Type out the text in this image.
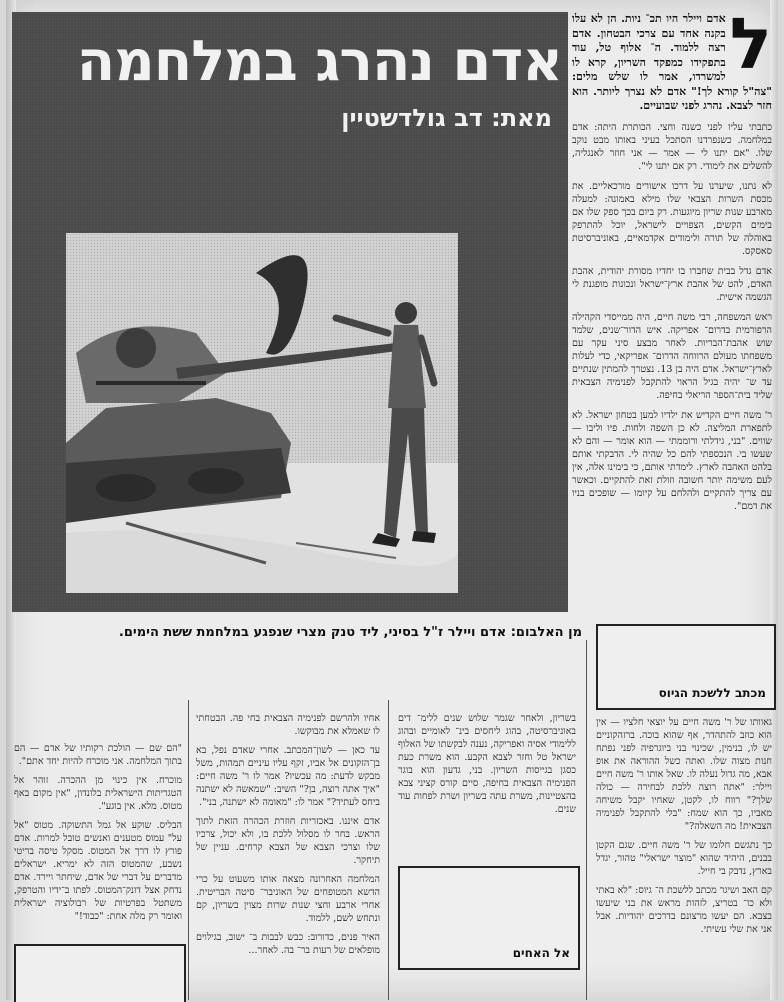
אדם נהרג במלחמה
מאת: דב גולדשטיין
ל

אדם ויילר היו תכ־ ניות. הן לא עלו בקנה אחד עם צרכי הבטחון. אדם רצה ללמוד. ה־ אלוף טל, עוד בתפקידו כמפקד השריון, קרא לו למשרדו, אמר לו שלש מלים: "צה"ל קורא לך!" אדם לא נצרך ליותר. הוא חזר לצבא. נהרג לפני שבועיים.

כתבתי עליו לפני כשנה וחצי. הכותרת היתה: אדם במלחמה. כשנפרדנו הסתכל בעיני באותו מבט נוקב שלו. "אם יתנו לי — אמר — אני חוזר לאנגליה, להשלים את לימודי. רק אם יתנו לי".

לא נתנו, שיערנו על דרכו אישורים מורכאליים. את מכסת השרות הצבאי שלו מילא באמונה: למעלה מארבע שנות שריון מיוגעות. רק ביום בכך ספק שלו אם בימים הקשים, הצפויים לישראל, יוכל להתרפק באוהלה של תורה ולימודים אקדמאיים, באוניברסיטת סאסקס.

אדם גדל בבית שחברו בו יחדיו מסורת יהודית, אהבת האדם, להט של אהבת ארץ־ישראל ונכונות מופגנת לי הגשמה אישית.

ראש המשפחה, רבי משה חיים, היה ממייסדי הקהילה הרפורמית בדרום־ אפריקה. איש הדור־שנים, שלמד שוש אהבת־הבריות. לאחר מבצע סיני עקר עם משפחתו מעולם הרווחה הדרום־ אפריקאי, כדי לעלות לארץ־ישראל. אדם היה בן 13. נצטרך להמתין שנתיים עד ש־ יהיה בגיל הראוי להתקבל לפנימיה הצבאית שליד בית־הספר הריאלי בחיפה.

ר' משה חיים הקדיש את ילדיו למען בטחון ישראל. לא לתפארת המליצה. לא כן השפה ולחות. פיו וליבו — שווים. "בני, גידלתי ורוממתי — הוא אומר — והם לא שעשו בי. הנכספתי להם כל שהיה לי. הדבקתי אותם בלהט האהבה לארץ. לימדתי אותם, כי בימינו אלה, אין לעם משימה יותר חשובה וזולת זאת להתקיים. וכאשר עם צריך להתקיים ולהלחם על קיומו — שופכים בניו את דמם".

מן האלבום: אדם ויילר ז"ל בסיני, ליד טנק מצרי שנפגע במלחמת ששת הימים.
מכתב ללשכת הגיוס
אל האחים

גאוותו של ר' משה חיים על יוצאי חלציו — אין הוא כוזב להתהדר, אף שהוא בוכה. ברזהקוניים יש לו, בנימין, שכינוי בני ביוגרפיה לפני נפתח חנות מצוה שלו. ואתה כשל ההוראה את אופ אבא, מה גדול נעלה לו. שאל אותו ר' משה חיים ויילר: "אתה רוצה ללכת לבחירה — כולה שלך?" רווח לו, לקטן, שאחיו יקבל משיחה מאביו, כך הוא שמח: "בלי להתקבל לפנימיה הצבאית! מה השאלה?"

כך נתגשם חלומו של ר' משה חיים. שגם הקטן בבנים, היהיד שהוא "מוצר ישראלי" טהור, יגדל בארץ, נדבק בי חייל.

קם האב ושיגר מכתב ללשכת ה־ גיוס: "לא באתי ולא כו־ בטריצ, לזהות מראש את בני שיעשו בצבא. הם יעשו מרצונם בדרכים יהודיות. אבל אני את שלי עשיתי.

בשריון, ולאחר שגמר שלוש שנים ללימ־ דים באוניברסיטה, בהוג ליחסים בינ־ לאומיים ובהוג ללימודי אסיה ואפריקה, נענה לבקשתו של האלוף ישראל טל וחזר לצבא הקבע. הוא משרת כעת כסגן בגייסות השריון. בני, גדעון הוא בוגר הפנימיה הצבאית בחיפה, סיים קורס קציני צבא בהצטיינות, משרת עתה בשריון ושרת לפחות עוד שנים.

אחיו ולהרשם לפנימיה הצבאית בחי פה. הבטחתי לו שאמלא את מבוקשו.

עד כאן — לשון־המכתב. אחרי שאדם נפל, בא בן־הזקונים אל אביו, זקף עליו עיניים תמהות, משל מבקש לדעת: מה עכשיו? אמר לו ר' משה חיים: "איך אתה רוצה, בן?" השיב: "שמאשה לא ישתנה ביחס לעתיד?" אמר לו: "מאומה לא ישתנה, בני".

אדם איננו. באכזריות חוזרת הכהרה הזאת לתוך הראש. בחר לו מסלול ללכת בו, ולא יכול, צרכיו שלו וצרכי הצבא של הצבא קרחים. עניין של תיחקר.

המלחמה האחרונה מצאה אותו משעוט על כרי הדשא המטופחים של האוניבר־ סיטה הבריטית. אחרי ארבע וחצי שנות שרות מצוין בשריון, קם ונתחש לשם, ללמוד.

האיר פנים, כדורוב: כבש לבבות ב־ ישוב, בגילוים מופלאים של רעות בר־ בה. לאחר...

"הם שם — הולכת רקותיו של אדם — הם בתוך המלחמה. אני מוכרח להיות יחד אתם".

מוכרח. אין כינוי מן ההכרה. זוהר אל הטגריתות הישראלית בלונדון, "אין מקום באף מטוס. מלא. אין בוגע".

הבליס. שוקע אל גמל התשוקה. מטוס "אל על" עמוס מטענים ואנשים טובל למרות. אדם פורץ לו דרך אל המטוס. מסקל טיסה בריטי נשבע, שהמטוס הזה לא ימריא. ישראלים מדברים על דברי של אדם, שיחתר ויירד. אדם נדחק אצל דונק־המטוס. לפתו ב־ידיו והטרפק, משתטל בפרטיות של רבולוציה ישראלית ואומר רק מלה אחת: "כבוד!"
